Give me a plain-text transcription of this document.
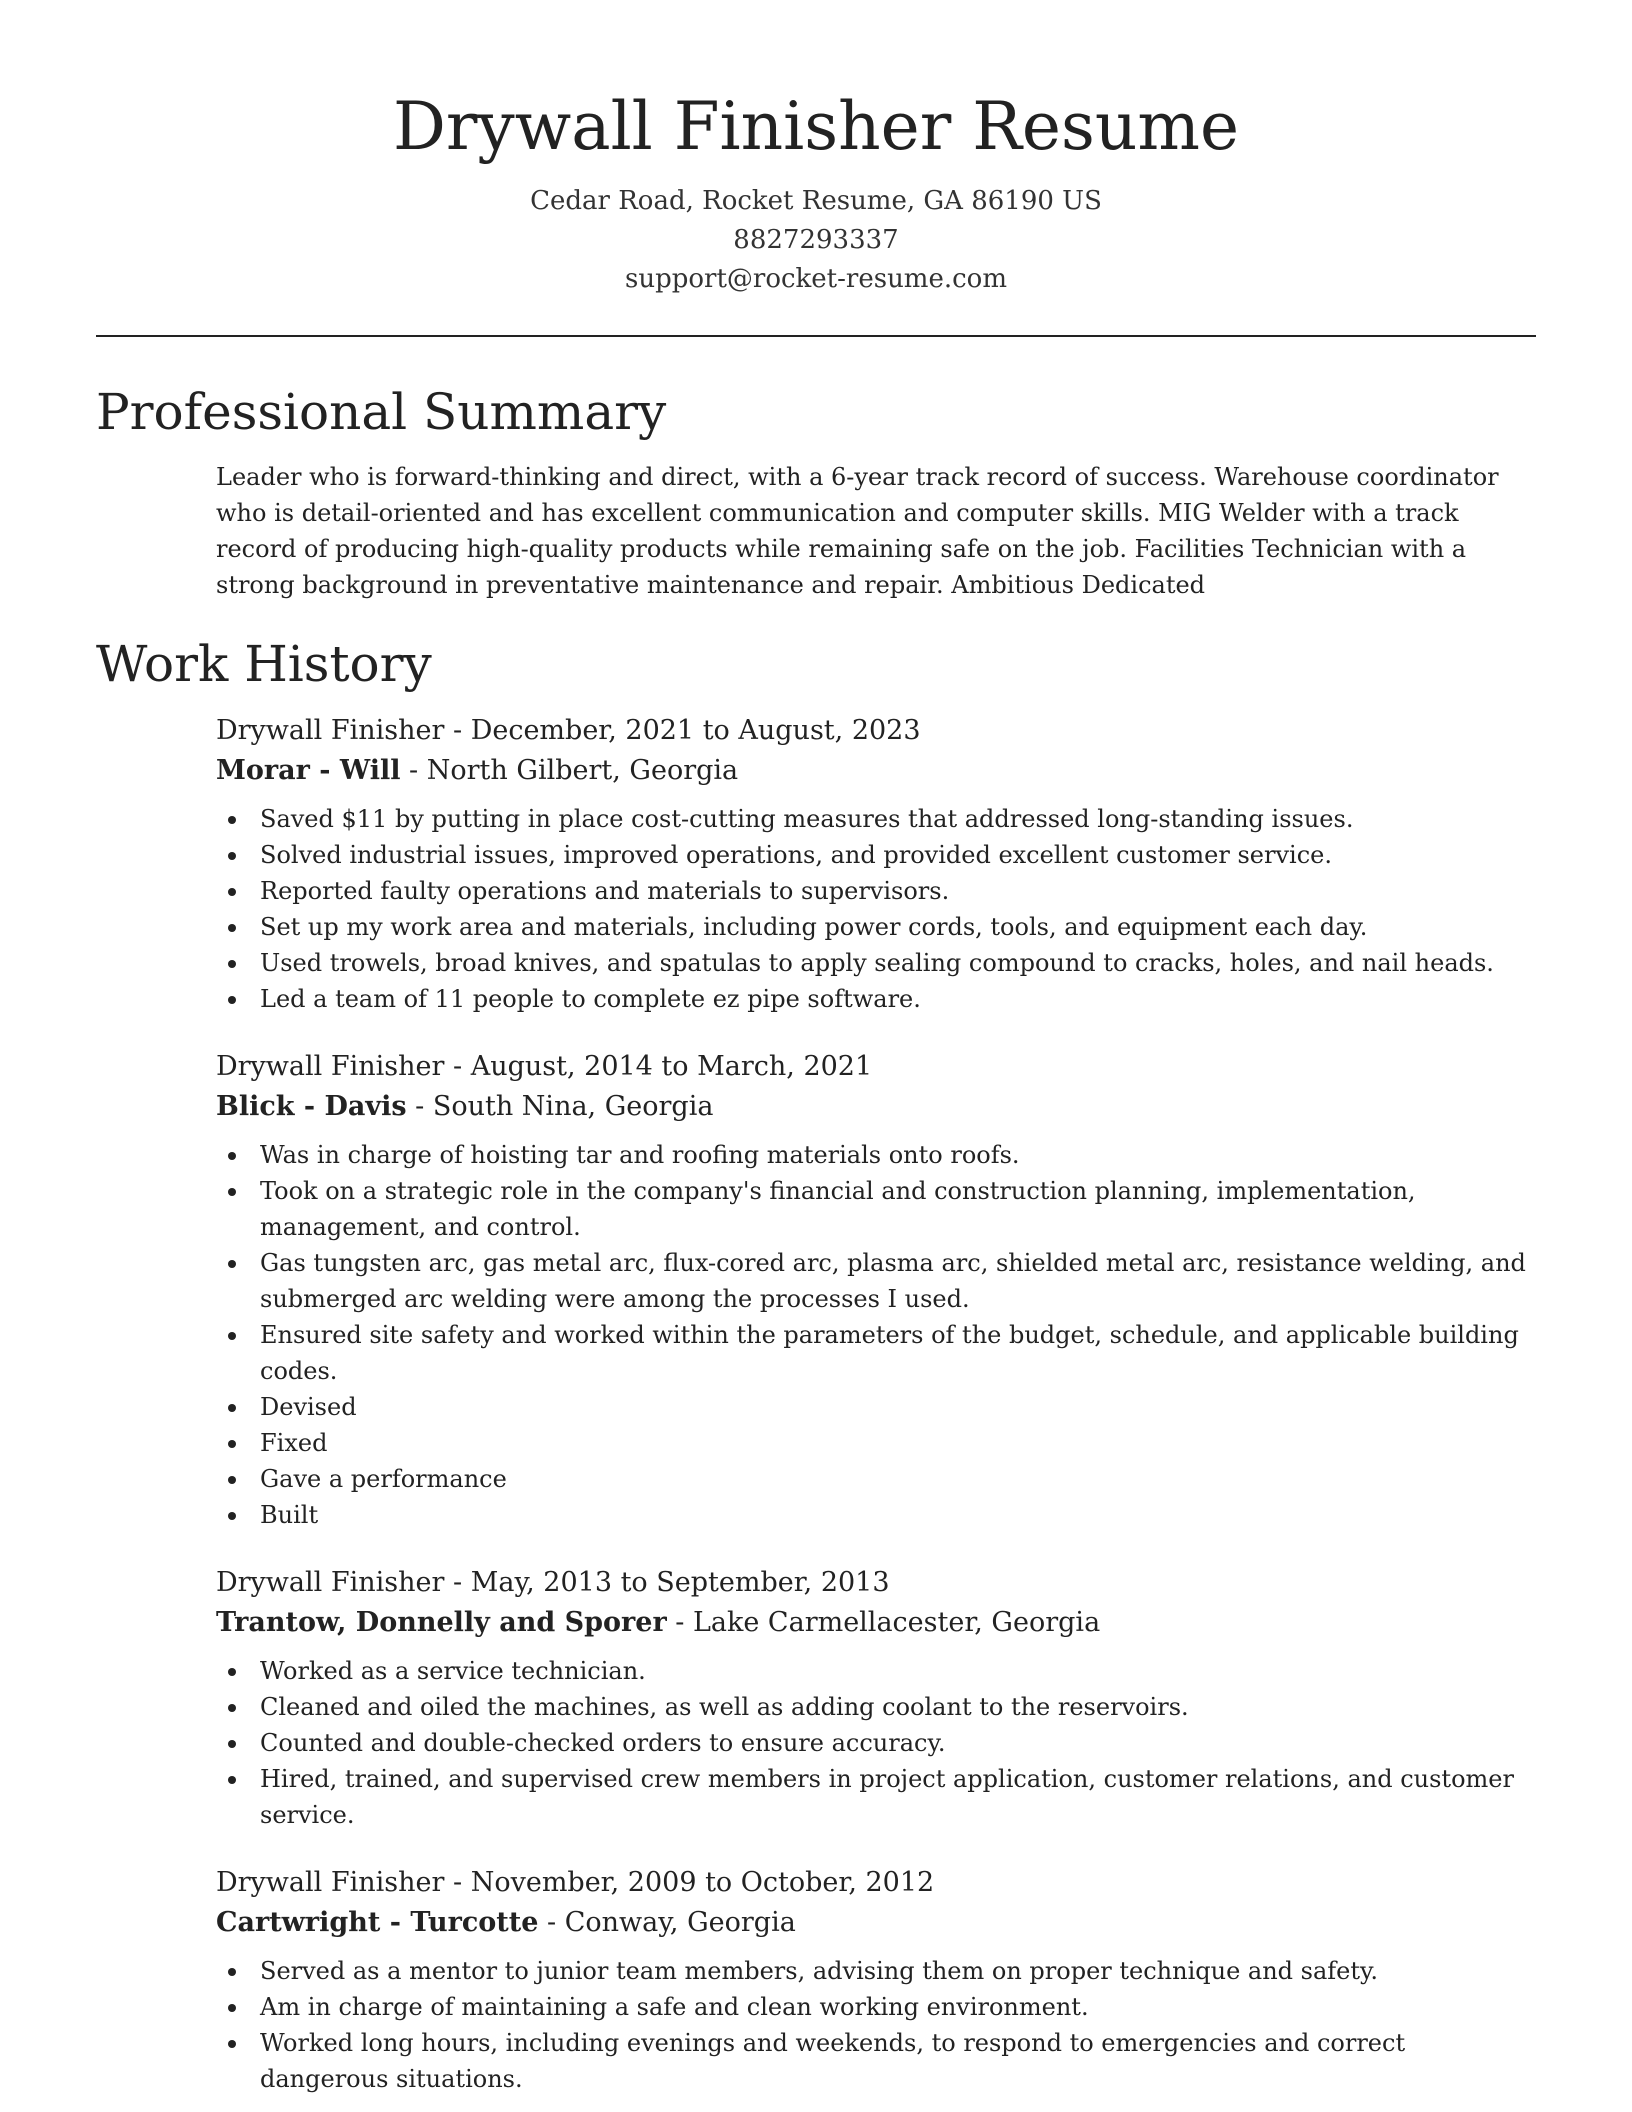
Drywall Finisher Resume
Cedar Road, Rocket Resume, GA 86190 US
8827293337
support@rocket-resume.com
Professional Summary

Leader who is forward-thinking and direct, with a 6-year track record of success. Warehouse coordinator who is detail-oriented and has excellent communication and computer skills. MIG Welder with a track record of producing high-quality products while remaining safe on the job. Facilities Technician with a strong background in preventative maintenance and repair. Ambitious Dedicated

Work History
Drywall Finisher - December, 2021 to August, 2023
Morar - Will - North Gilbert, Georgia
Saved $11 by putting in place cost-cutting measures that addressed long-standing issues.
Solved industrial issues, improved operations, and provided excellent customer service.
Reported faulty operations and materials to supervisors.
Set up my work area and materials, including power cords, tools, and equipment each day.
Used trowels, broad knives, and spatulas to apply sealing compound to cracks, holes, and nail heads.
Led a team of 11 people to complete ez pipe software.
Drywall Finisher - August, 2014 to March, 2021
Blick - Davis - South Nina, Georgia
Was in charge of hoisting tar and roofing materials onto roofs.
Took on a strategic role in the company's financial and construction planning, implementation, management, and control.
Gas tungsten arc, gas metal arc, flux-cored arc, plasma arc, shielded metal arc, resistance welding, and submerged arc welding were among the processes I used.
Ensured site safety and worked within the parameters of the budget, schedule, and applicable building codes.
Devised
Fixed
Gave a performance
Built
Drywall Finisher - May, 2013 to September, 2013
Trantow, Donnelly and Sporer - Lake Carmellacester, Georgia
Worked as a service technician.
Cleaned and oiled the machines, as well as adding coolant to the reservoirs.
Counted and double-checked orders to ensure accuracy.
Hired, trained, and supervised crew members in project application, customer relations, and customer service.
Drywall Finisher - November, 2009 to October, 2012
Cartwright - Turcotte - Conway, Georgia
Served as a mentor to junior team members, advising them on proper technique and safety.
Am in charge of maintaining a safe and clean working environment.
Worked long hours, including evenings and weekends, to respond to emergencies and correct dangerous situations.
